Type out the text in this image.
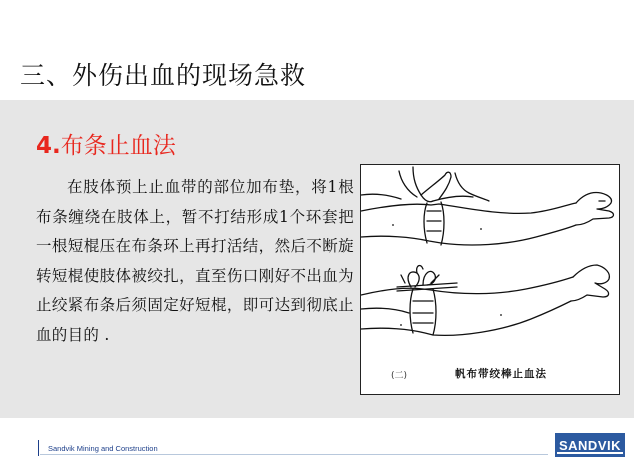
三、外伤出血的现场急救
4.布条止血法
在肢体预上止血带的部位加布垫，将1根布条缠绕在肢体上，暂不打结形成1个环套把一根短棍压在布条环上再打活结，然后不断旋转短棍使肢体被绞扎，直至伤口刚好不出血为止绞紧布条后须固定好短棍，即可达到彻底止血的目的 .
(二)	帆布带绞棒止血法
Sandvik Mining and Construction	SANDVIK
